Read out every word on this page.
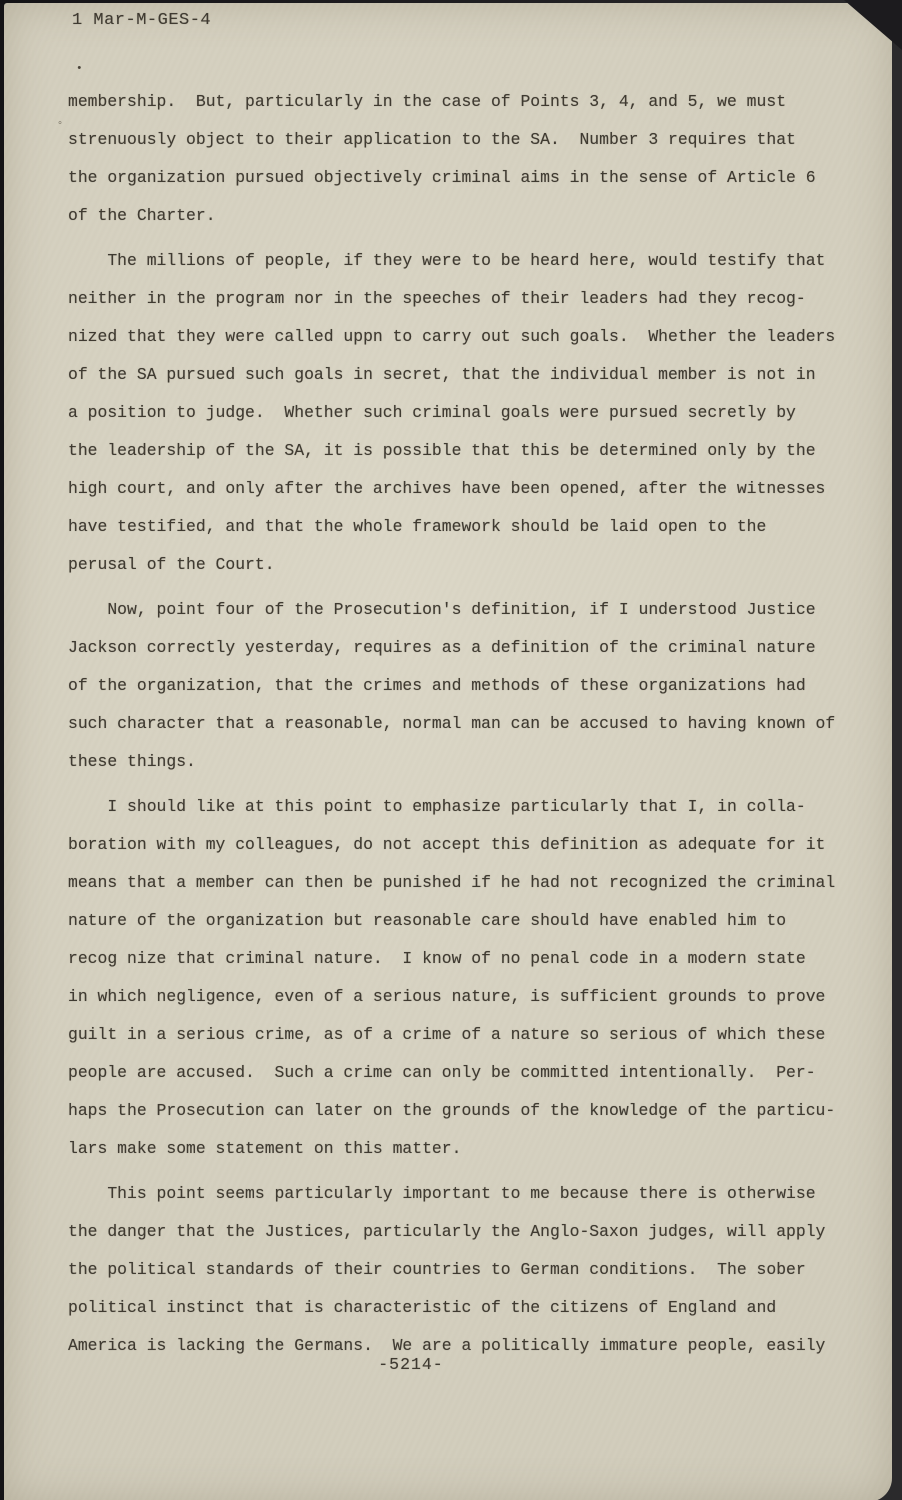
1 Mar-M-GES-4
•
°
membership.  But, particularly in the case of Points 3, 4, and 5, we must
strenuously object to their application to the SA.  Number 3 requires that
the organization pursued objectively criminal aims in the sense of Article 6
of the Charter.
The millions of people, if they were to be heard here, would testify that
neither in the program nor in the speeches of their leaders had they recog-
nized that they were called uppn to carry out such goals.  Whether the leaders
of the SA pursued such goals in secret, that the individual member is not in
a position to judge.  Whether such criminal goals were pursued secretly by
the leadership of the SA, it is possible that this be determined only by the
high court, and only after the archives have been opened, after the witnesses
have testified, and that the whole framework should be laid open to the
perusal of the Court.
Now, point four of the Prosecution's definition, if I understood Justice
Jackson correctly yesterday, requires as a definition of the criminal nature
of the organization, that the crimes and methods of these organizations had
such character that a reasonable, normal man can be accused to having known of
these things.
I should like at this point to emphasize particularly that I, in colla-
boration with my colleagues, do not accept this definition as adequate for it
means that a member can then be punished if he had not recognized the criminal
nature of the organization but reasonable care should have enabled him to
recog nize that criminal nature.  I know of no penal code in a modern state
in which negligence, even of a serious nature, is sufficient grounds to prove
guilt in a serious crime, as of a crime of a nature so serious of which these
people are accused.  Such a crime can only be committed intentionally.  Per-
haps the Prosecution can later on the grounds of the knowledge of the particu-
lars make some statement on this matter.
This point seems particularly important to me because there is otherwise
the danger that the Justices, particularly the Anglo-Saxon judges, will apply
the political standards of their countries to German conditions.  The sober
political instinct that is characteristic of the citizens of England and
America is lacking the Germans.  We are a politically immature people, easily
-5214-
